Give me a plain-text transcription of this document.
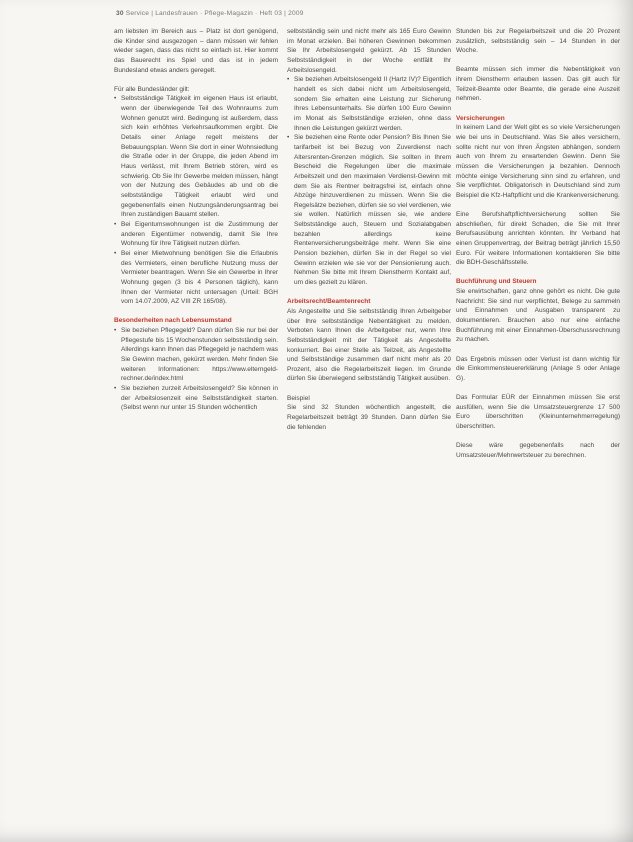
30 Service | Landesfrauen · Pflege-Magazin · Heft 03 | 2009

am liebsten im Bereich aus – Platz ist dort genügend, die Kinder sind ausgezogen – dann müssen wir fehlen wieder sagen, dass das nicht so einfach ist. Hier kommt das Bauerecht ins Spiel und das ist in jedem Bundesland etwas anders geregelt.

Für alle Bundesländer gilt:

• Selbstständige Tätigkeit im eigenen Haus ist erlaubt, wenn der überwiegende Teil des Wohnraums zum Wohnen genutzt wird. Bedingung ist außerdem, dass sich kein erhöhtes Verkehrsaufkommen ergibt. Die Details einer Anlage regelt meistens der Bebauungsplan. Wenn Sie dort in einer Wohnsiedlung die Straße oder in der Gruppe, die jeden Abend im Haus verlässt, mit Ihrem Betrieb stören, wird es schwierig. Ob Sie Ihr Gewerbe melden müssen, hängt von der Nutzung des Gebäudes ab und ob die selbstständige Tätigkeit erlaubt wird und gegebenenfalls einen Nutzungsänderungsantrag bei Ihren zuständigen Bauamt stellen.
• Bei Eigentumswohnungen ist die Zustimmung der anderen Eigentümer notwendig, damit Sie Ihre Wohnung für Ihre Tätigkeit nutzen dürfen.
• Bei einer Mietwohnung benötigen Sie die Erlaubnis des Vermieters, einen berufliche Nutzung muss der Vermieter beantragen. Wenn Sie ein Gewerbe in Ihrer Wohnung gegen (3 bis 4 Personen täglich), kann Ihnen der Vermieter nicht untersagen (Urteil: BGH vom 14.07.2009, AZ VIII ZR 165/08).

Besonderheiten nach Lebensumstand

• Sie beziehen Pflegegeld? Dann dürfen Sie nur bei der Pflegestufe bis 15 Wochenstunden selbstständig sein. Allerdings kann Ihnen das Pflegegeld je nachdem was Sie Gewinn machen, gekürzt werden. Mehr finden Sie weiteren Informationen: https://www.elterngeld-rechner.de/index.html
• Sie beziehen zurzeit Arbeitslosengeld? Sie können in der Arbeitslosenzeit eine Selbstständigkeit starten. (Selbst wenn nur unter 15 Stunden wöchentlich

selbstständig sein und nicht mehr als 165 Euro Gewinn im Monat erzielen. Bei höheren Gewinnen bekommen Sie Ihr Arbeitslosengeld gekürzt. Ab 15 Stunden Selbstständigkeit in der Woche entfällt Ihr Arbeitslosengeld.

• Sie beziehen Arbeitslosengeld II (Hartz IV)? Eigentlich handelt es sich dabei nicht um Arbeitslosengeld, sondern Sie erhalten eine Leistung zur Sicherung Ihres Lebensunterhalts. Sie dürfen 100 Euro Gewinn im Monat als Selbstständige erzielen, ohne dass Ihnen die Leistungen gekürzt werden.
• Sie beziehen eine Rente oder Pension? Bis Ihnen Sie tarifarbeit ist bei Bezug von Zuverdienst nach Altersrenten-Grenzen möglich. Sie sollten in Ihrem Bescheid die Regelungen über die maximale Arbeitszeit und den maximalen Verdienst-Gewinn mit dem Sie als Rentner beitragsfrei ist, einfach ohne Abzüge hinzuverdienen zu müssen. Wenn Sie die Regelsätze beziehen, dürfen sie so viel verdienen, wie sie wollen. Natürlich müssen sie, wie andere Selbstständige auch, Steuern und Sozialabgaben bezahlen allerdings keine Rentenversicherungsbeiträge mehr. Wenn Sie eine Pension beziehen, dürfen Sie in der Regel so viel Gewinn erzielen wie sie vor der Pensionierung auch. Nehmen Sie bitte mit Ihrem Dienstherrn Kontakt auf, um dies gezielt zu klären.

Arbeitsrecht/Beamtenrecht

Als Angestellte und Sie selbstständig Ihren Arbeitgeber über Ihre selbstständige Nebentätigkeit zu melden. Verboten kann Ihnen die Arbeitgeber nur, wenn Ihre Selbstständigkeit mit der Tätigkeit als Angestellte konkurriert. Bei einer Stelle als Teilzeit, als Angestellte und Selbstständige zusammen darf nicht mehr als 20 Prozent, also die Regelarbeitszeit liegen. Im Grunde dürfen Sie überwiegend selbstständig Tätigkeit ausüben.

Beispiel

Sie sind 32 Stunden wöchentlich angestellt, die Regelarbeitszeit beträgt 39 Stunden. Dann dürfen Sie die fehlenden

Stunden bis zur Regelarbeitszeit und die 20 Prozent zusätzlich, selbstständig sein – 14 Stunden in der Woche.

Beamte müssen sich immer die Nebentätigkeit von ihrem Dienstherrn erlauben lassen. Das gilt auch für Teilzeit-Beamte oder Beamte, die gerade eine Auszeit nehmen.

Versicherungen

In keinem Land der Welt gibt es so viele Versicherungen wie bei uns in Deutschland. Was Sie alles versichern, sollte nicht nur von Ihren Ängsten abhängen, sondern auch von Ihrem zu erwartenden Gewinn. Denn Sie müssen die Versicherungen ja bezahlen. Dennoch möchte einige Versicherung sinn sind zu erfahren, und Sie verpflichtet. Obligatorisch in Deutschland sind zum Beispiel die Kfz-Haftpflicht und die Krankenversicherung.

Eine Berufshaftpflichtversicherung sollten Sie abschließen, für direkt Schaden, die Sie mit Ihrer Berufsausübung anrichten könnten. Ihr Verband hat einen Gruppenvertrag, der Beitrag beträgt jährlich 15,50 Euro. Für weitere Informationen kontaktieren Sie bitte die BDH-Geschäftsstelle.

Buchführung und Steuern

Sie erwirtschaften, ganz ohne gehört es nicht. Die gute Nachricht: Sie sind nur verpflichtet, Belege zu sammeln und Einnahmen und Ausgaben transparent zu dokumentieren. Brauchen also nur eine einfache Buchführung mit einer Einnahmen-Überschussrechnung zu machen.

Das Ergebnis müssen oder Verlust ist dann wichtig für die Einkommensteuererklärung (Anlage S oder Anlage G).

Das Formular EÜR der Einnahmen müssen Sie erst ausfüllen, wenn Sie die Umsatzsteuergrenze 17 500 Euro überschritten (Kleinunternehmerregelung) überschritten.

Diese wäre gegebenenfalls nach der Umsatzsteuer/Mehrwertsteuer zu berechnen.
